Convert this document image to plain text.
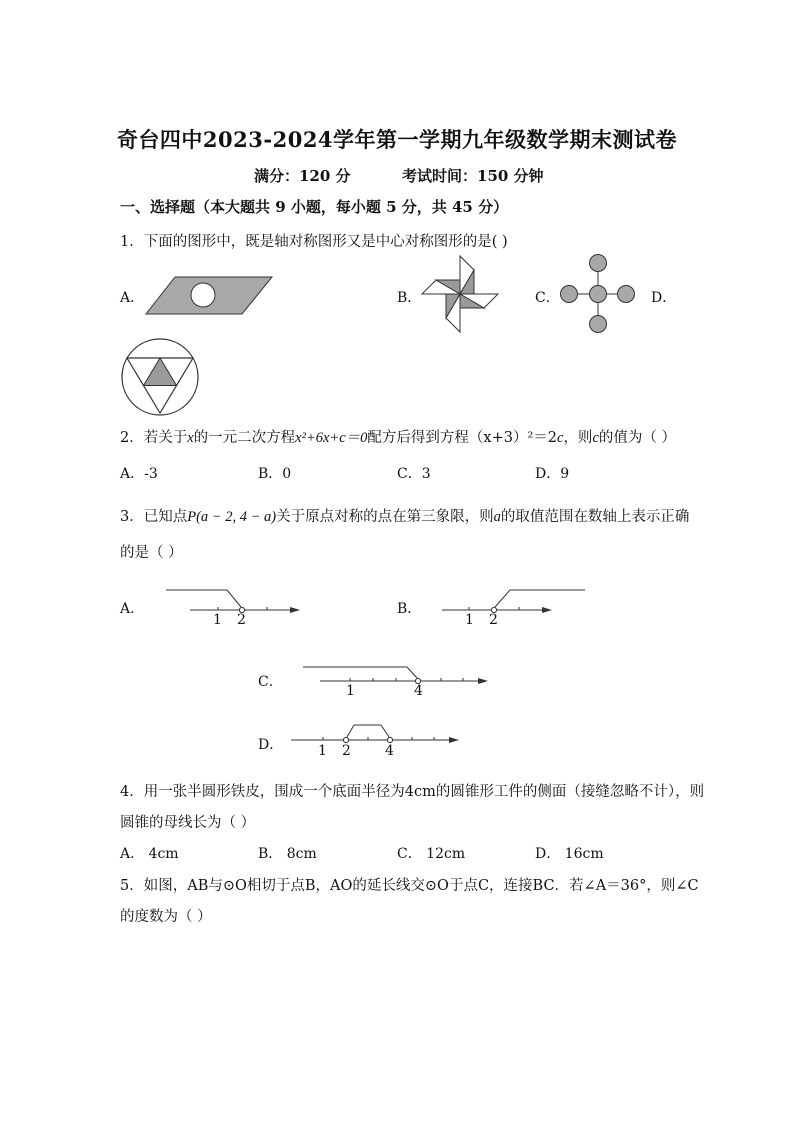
奇台四中2023-2024学年第一学期九年级数学期末测试卷
满分：120 分	考试时间：150 分钟
一、选择题（本大题共 9 小题，每小题 5 分，共 45 分）
1．下面的图形中，既是轴对称图形又是中心对称图形的是( )
A．	B．	C．	D．
2．若关于x的一元二次方程x²+6x+c＝0配方后得到方程（x+3）²＝2c，则c的值为（ ）
A．-3	B．0	C．3	D．9
3．已知点P(a − 2, 4 − a)关于原点对称的点在第三象限，则a的取值范围在数轴上表示正确
的是（ ）
A．
1 2
B．
1 2
C．
1	4
D． 1 2 4
4．用一张半圆形铁皮，围成一个底面半径为4cm的圆锥形工件的侧面（接缝忽略不计），则
圆锥的母线长为（ ）
A． 4cm	B． 8cm	C． 12cm	D． 16cm
5．如图，AB与⊙O相切于点B，AO的延长线交⊙O于点C，连接BC．若∠A＝36°，则∠C
的度数为（ ）
